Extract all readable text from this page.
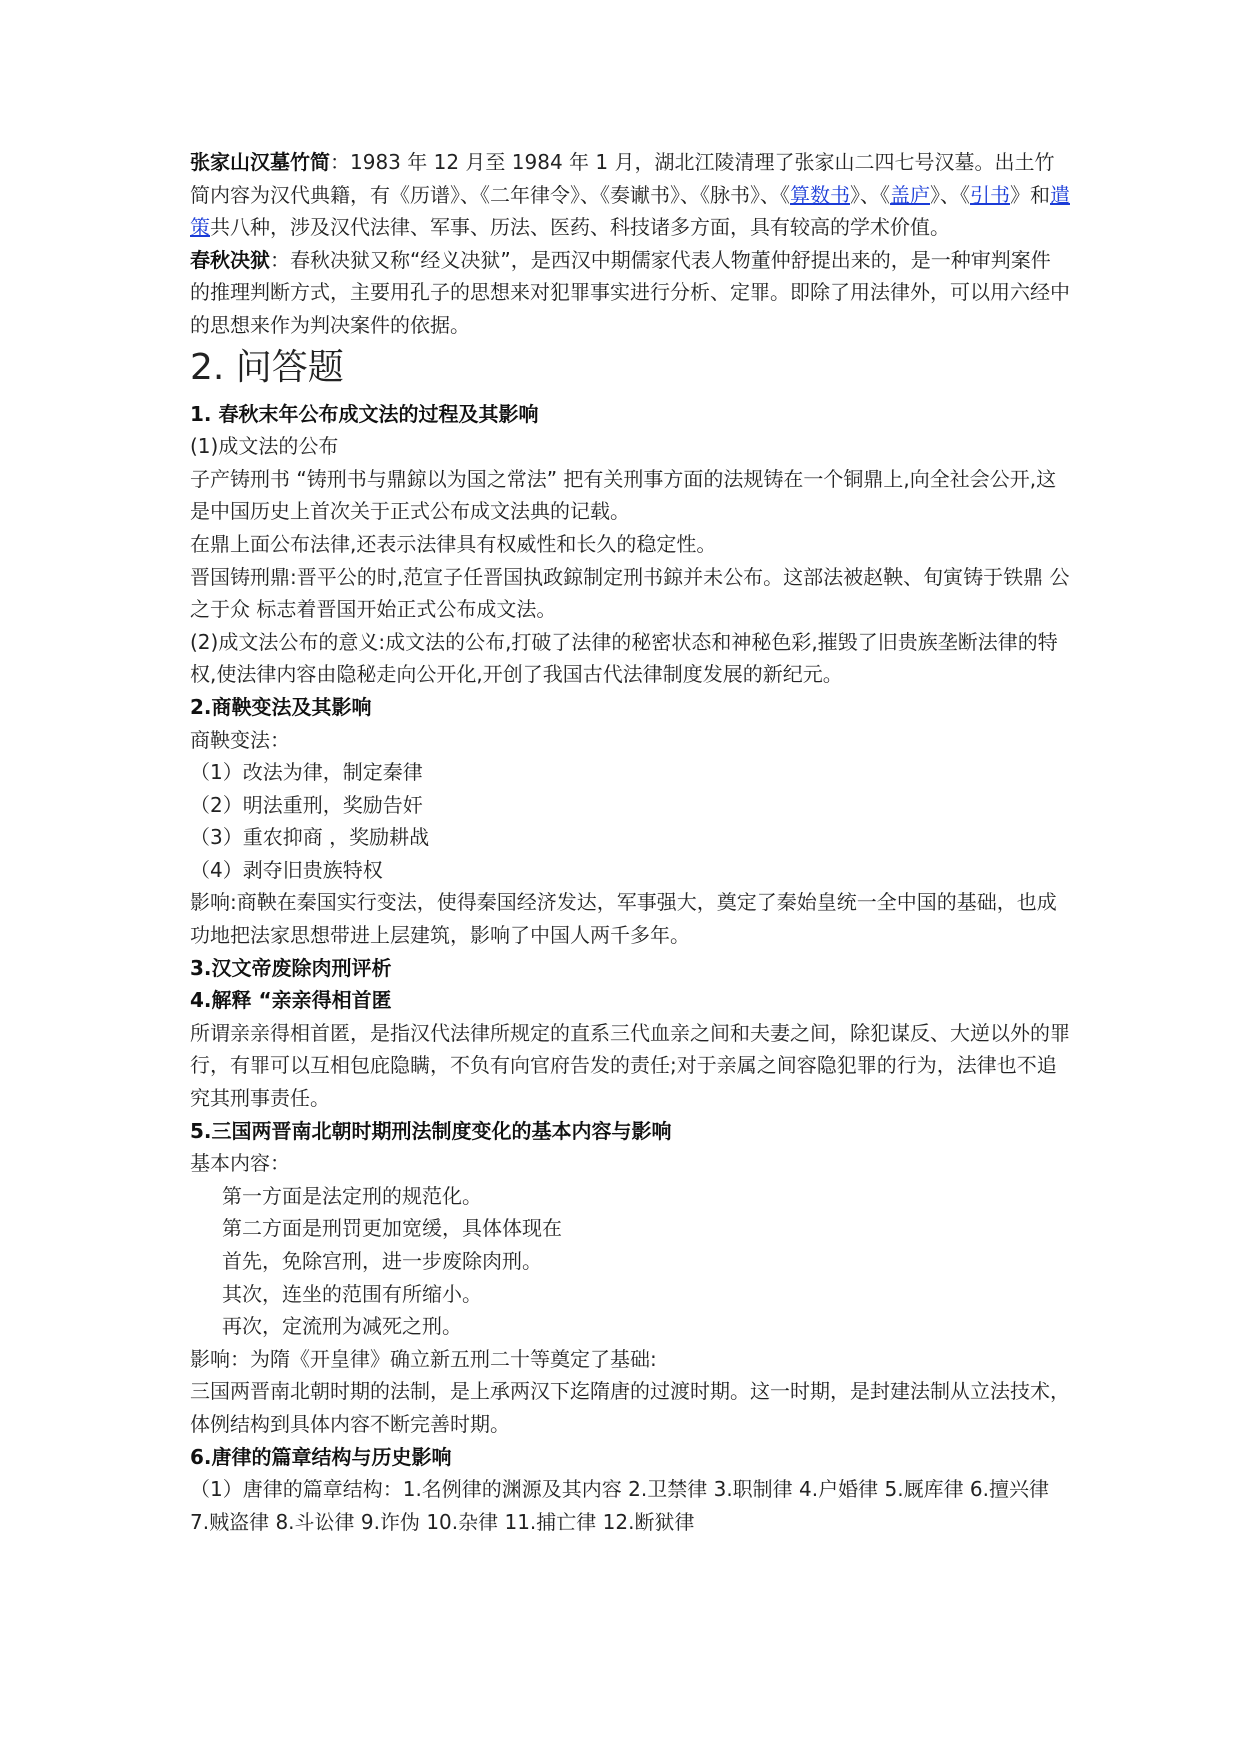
张家山汉墓竹简：1983 年 12 月至 1984 年 1 月，湖北江陵清理了张家山二四七号汉墓。出土竹简内容为汉代典籍，有《历谱》、《二年律令》、《奏谳书》、《脉书》、《算数书》、《盖庐》、《引书》和遣策共八种，涉及汉代法律、军事、历法、医药、科技诸多方面，具有较高的学术价值。

春秋决狱：春秋决狱又称“经义决狱”，是西汉中期儒家代表人物董仲舒提出来的，是一种审判案件的推理判断方式，主要用孔子的思想来对犯罪事实进行分析、定罪。即除了用法律外，可以用六经中的思想来作为判决案件的依据。

2. 问答题

1. 春秋末年公布成文法的过程及其影响

(1)成文法的公布

子产铸刑书 “铸刑书与鼎鍄以为国之常法” 把有关刑事方面的法规铸在一个铜鼎上,向全社会公开,这是中国历史上首次关于正式公布成文法典的记载。

在鼎上面公布法律,还表示法律具有权威性和长久的稳定性。

晋国铸刑鼎:晋平公的时,范宣子任晋国执政鍄制定刑书鍄并未公布。这部法被赵鞅、旬寅铸于铁鼎 公之于众 标志着晋国开始正式公布成文法。

(2)成文法公布的意义:成文法的公布,打破了法律的秘密状态和神秘色彩,摧毁了旧贵族垄断法律的特权,使法律内容由隐秘走向公开化,开创了我国古代法律制度发展的新纪元。

2.商鞅变法及其影响

商鞅变法：

（1）改法为律，制定秦律

（2）明法重刑，奖励告奸

（3）重农抑商 ，奖励耕战

（4）剥夺旧贵族特权

影响:商鞅在秦国实行变法，使得秦国经济发达，军事强大，奠定了秦始皇统一全中国的基础，也成功地把法家思想带进上层建筑，影响了中国人两千多年。

3.汉文帝废除肉刑评析

4.解释 “亲亲得相首匿

所谓亲亲得相首匿，是指汉代法律所规定的直系三代血亲之间和夫妻之间，除犯谋反、大逆以外的罪行，有罪可以互相包庇隐瞒，不负有向官府告发的责任;对于亲属之间容隐犯罪的行为，法律也不追究其刑事责任。

5.三国两晋南北朝时期刑法制度变化的基本内容与影响

基本内容：

第一方面是法定刑的规范化。

第二方面是刑罚更加宽缓，具体体现在

首先，免除宫刑，进一步废除肉刑。

其次，连坐的范围有所缩小。

再次，定流刑为减死之刑。

影响：为隋《开皇律》确立新五刑二十等奠定了基础:

三国两晋南北朝时期的法制，是上承两汉下迄隋唐的过渡时期。这一时期，是封建法制从立法技术，体例结构到具体内容不断完善时期。

6.唐律的篇章结构与历史影响

（1）唐律的篇章结构：1.名例律的渊源及其内容 2.卫禁律 3.职制律 4.户婚律 5.厩库律 6.擅兴律 7.贼盗律 8.斗讼律 9.诈伪 10.杂律 11.捕亡律 12.断狱律
